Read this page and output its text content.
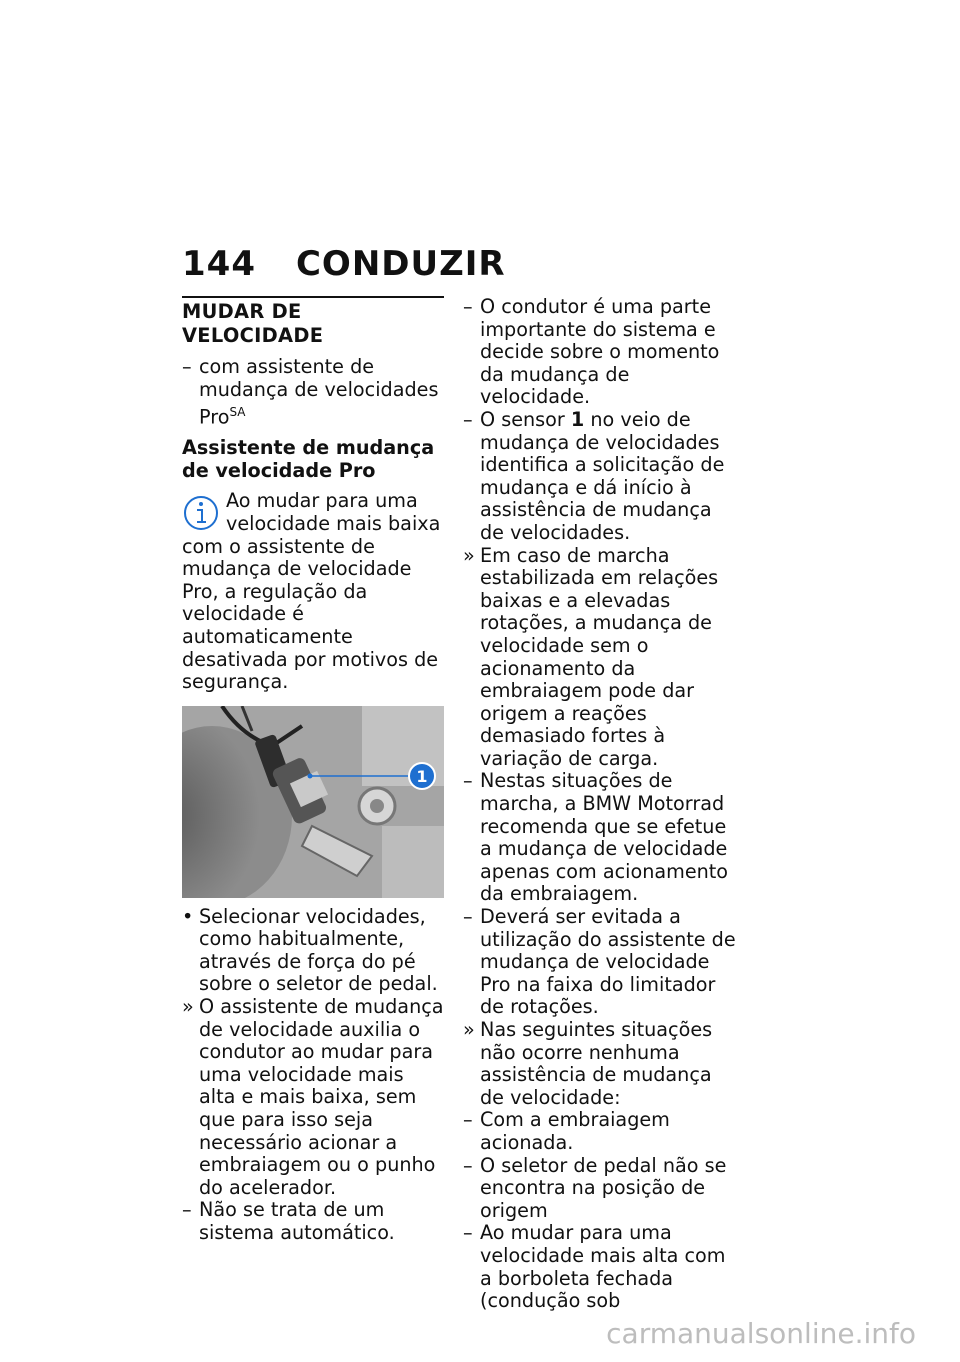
144 CONDUZIR
MUDAR DE VELOCIDADE
– com assistente de mudança de velocidades Pro$^{SA}$
Assistente de mudança de velocidade Pro
Ao mudar para uma velocidade mais baixa com o assistente de mudança de velocidade Pro, a regulação da velocidade é automaticamente desativada por motivos de segurança.
1
• Selecionar velocidades, como habitualmente, através de força do pé sobre o seletor de pedal.
» O assistente de mudança de velocidade auxilia o condutor ao mudar para uma velocidade mais alta e mais baixa, sem que para isso seja necessário acionar a embraiagem ou o punho do acelerador.
– Não se trata de um sistema automático.
– O condutor é uma parte importante do sistema e decide sobre o momento da mudança de velocidade.
– O sensor 1 no veio de mudança de velocidades identifica a solicitação de mudança e dá início à assistência de mudança de velocidades.
» Em caso de marcha estabilizada em relações baixas e a elevadas rotações, a mudança de velocidade sem o acionamento da embraiagem pode dar origem a reações demasiado fortes à variação de carga.
– Nestas situações de marcha, a BMW Motorrad recomenda que se efetue a mudança de velocidade apenas com acionamento da embraiagem.
– Deverá ser evitada a utilização do assistente de mudança de velocidade Pro na faixa do limitador de rotações.
» Nas seguintes situações não ocorre nenhuma assistência de mudança de velocidade:
– Com a embraiagem acionada.
– O seletor de pedal não se encontra na posição de origem
– Ao mudar para uma velocidade mais alta com a borboleta fechada (condução sob
carmanualsonline.info
